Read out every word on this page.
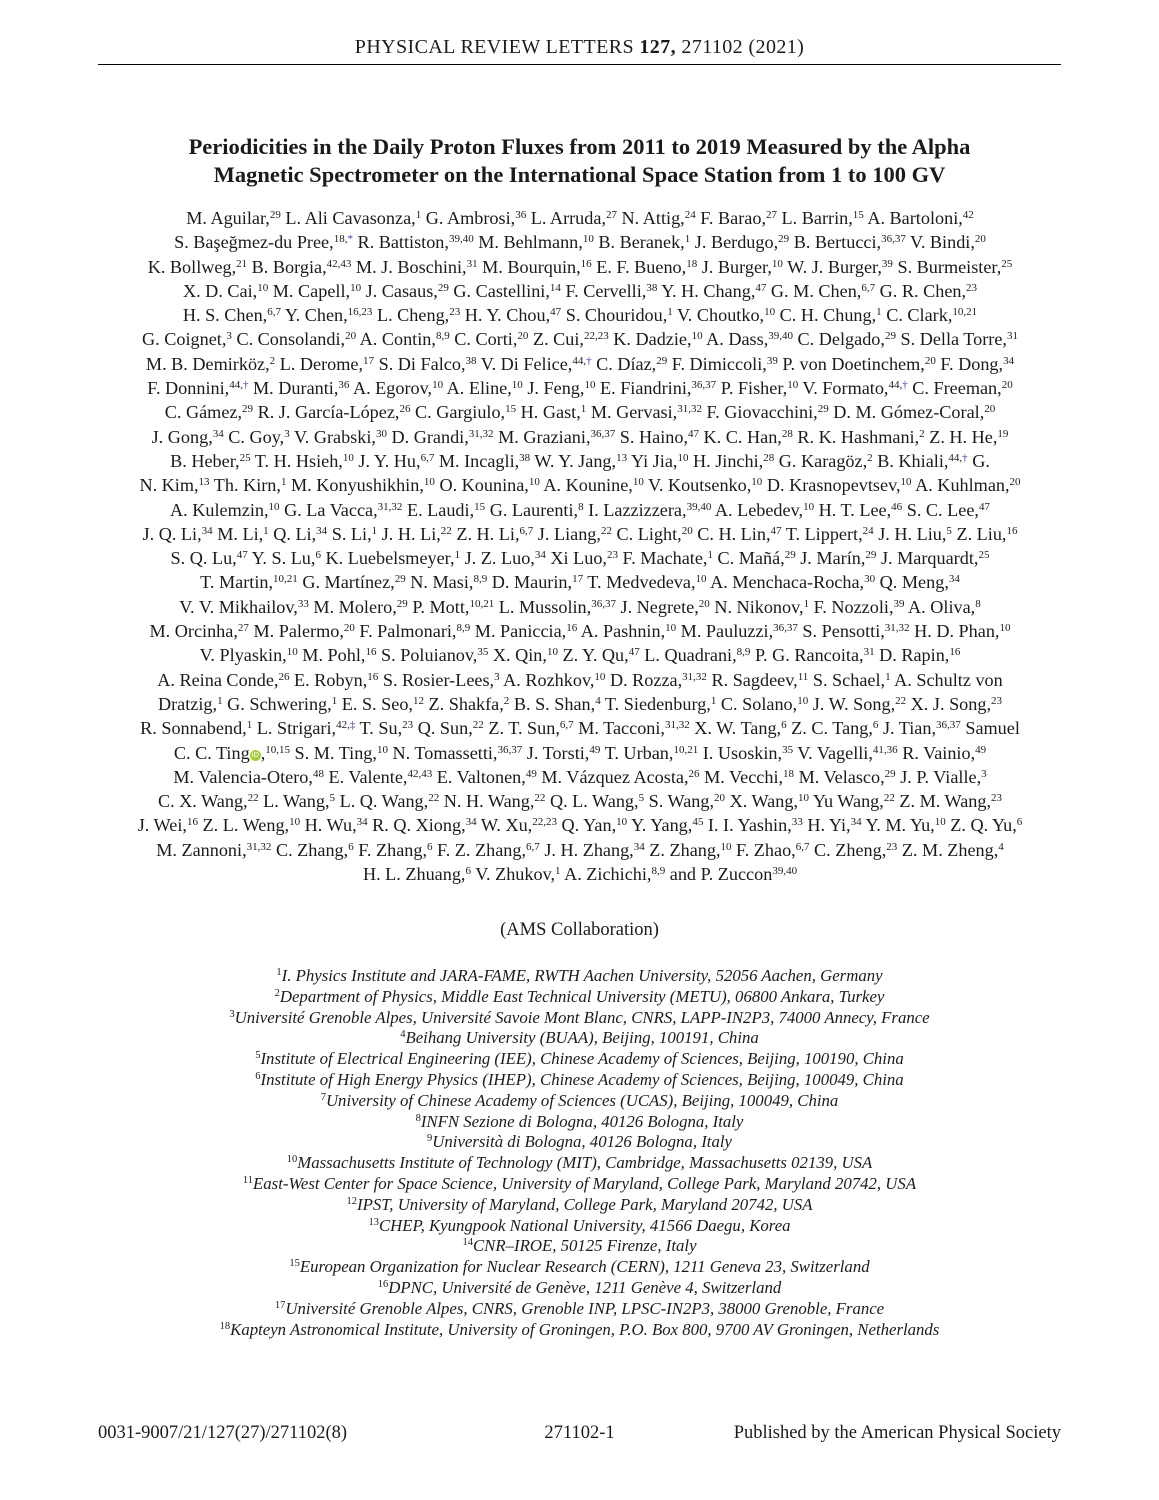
PHYSICAL REVIEW LETTERS 127, 271102 (2021)
Periodicities in the Daily Proton Fluxes from 2011 to 2019 Measured by the Alpha
Magnetic Spectrometer on the International Space Station from 1 to 100 GV
M. Aguilar,$^{29}$ L. Ali Cavasonza,$^1$ G. Ambrosi,$^{36}$ L. Arruda,$^{27}$ N. Attig,$^{24}$ F. Barao,$^{27}$ L. Barrin,$^{15}$ A. Bartoloni,$^{42}$
S. Başeğmez-du Pree,$^{18,*}$ R. Battiston,$^{39,40}$ M. Behlmann,$^{10}$ B. Beranek,$^1$ J. Berdugo,$^{29}$ B. Bertucci,$^{36,37}$ V. Bindi,$^{20}$
K. Bollweg,$^{21}$ B. Borgia,$^{42,43}$ M. J. Boschini,$^{31}$ M. Bourquin,$^{16}$ E. F. Bueno,$^{18}$ J. Burger,$^{10}$ W. J. Burger,$^{39}$ S. Burmeister,$^{25}$
X. D. Cai,$^{10}$ M. Capell,$^{10}$ J. Casaus,$^{29}$ G. Castellini,$^{14}$ F. Cervelli,$^{38}$ Y. H. Chang,$^{47}$ G. M. Chen,$^{6,7}$ G. R. Chen,$^{23}$
H. S. Chen,$^{6,7}$ Y. Chen,$^{16,23}$ L. Cheng,$^{23}$ H. Y. Chou,$^{47}$ S. Chouridou,$^1$ V. Choutko,$^{10}$ C. H. Chung,$^1$ C. Clark,$^{10,21}$
G. Coignet,$^3$ C. Consolandi,$^{20}$ A. Contin,$^{8,9}$ C. Corti,$^{20}$ Z. Cui,$^{22,23}$ K. Dadzie,$^{10}$ A. Dass,$^{39,40}$ C. Delgado,$^{29}$ S. Della Torre,$^{31}$
M. B. Demirköz,$^2$ L. Derome,$^{17}$ S. Di Falco,$^{38}$ V. Di Felice,$^{44,\dagger}$ C. Díaz,$^{29}$ F. Dimiccoli,$^{39}$ P. von Doetinchem,$^{20}$ F. Dong,$^{34}$
F. Donnini,$^{44,\dagger}$ M. Duranti,$^{36}$ A. Egorov,$^{10}$ A. Eline,$^{10}$ J. Feng,$^{10}$ E. Fiandrini,$^{36,37}$ P. Fisher,$^{10}$ V. Formato,$^{44,\dagger}$ C. Freeman,$^{20}$
C. Gámez,$^{29}$ R. J. García-López,$^{26}$ C. Gargiulo,$^{15}$ H. Gast,$^1$ M. Gervasi,$^{31,32}$ F. Giovacchini,$^{29}$ D. M. Gómez-Coral,$^{20}$
J. Gong,$^{34}$ C. Goy,$^3$ V. Grabski,$^{30}$ D. Grandi,$^{31,32}$ M. Graziani,$^{36,37}$ S. Haino,$^{47}$ K. C. Han,$^{28}$ R. K. Hashmani,$^2$ Z. H. He,$^{19}$
B. Heber,$^{25}$ T. H. Hsieh,$^{10}$ J. Y. Hu,$^{6,7}$ M. Incagli,$^{38}$ W. Y. Jang,$^{13}$ Yi Jia,$^{10}$ H. Jinchi,$^{28}$ G. Karagöz,$^2$ B. Khiali,$^{44,\dagger}$ G.
N. Kim,$^{13}$ Th. Kirn,$^1$ M. Konyushikhin,$^{10}$ O. Kounina,$^{10}$ A. Kounine,$^{10}$ V. Koutsenko,$^{10}$ D. Krasnopevtsev,$^{10}$ A. Kuhlman,$^{20}$
A. Kulemzin,$^{10}$ G. La Vacca,$^{31,32}$ E. Laudi,$^{15}$ G. Laurenti,$^8$ I. Lazzizzera,$^{39,40}$ A. Lebedev,$^{10}$ H. T. Lee,$^{46}$ S. C. Lee,$^{47}$
J. Q. Li,$^{34}$ M. Li,$^1$ Q. Li,$^{34}$ S. Li,$^1$ J. H. Li,$^{22}$ Z. H. Li,$^{6,7}$ J. Liang,$^{22}$ C. Light,$^{20}$ C. H. Lin,$^{47}$ T. Lippert,$^{24}$ J. H. Liu,$^5$ Z. Liu,$^{16}$
S. Q. Lu,$^{47}$ Y. S. Lu,$^6$ K. Luebelsmeyer,$^1$ J. Z. Luo,$^{34}$ Xi Luo,$^{23}$ F. Machate,$^1$ C. Mañá,$^{29}$ J. Marín,$^{29}$ J. Marquardt,$^{25}$
T. Martin,$^{10,21}$ G. Martínez,$^{29}$ N. Masi,$^{8,9}$ D. Maurin,$^{17}$ T. Medvedeva,$^{10}$ A. Menchaca-Rocha,$^{30}$ Q. Meng,$^{34}$
V. V. Mikhailov,$^{33}$ M. Molero,$^{29}$ P. Mott,$^{10,21}$ L. Mussolin,$^{36,37}$ J. Negrete,$^{20}$ N. Nikonov,$^1$ F. Nozzoli,$^{39}$ A. Oliva,$^8$
M. Orcinha,$^{27}$ M. Palermo,$^{20}$ F. Palmonari,$^{8,9}$ M. Paniccia,$^{16}$ A. Pashnin,$^{10}$ M. Pauluzzi,$^{36,37}$ S. Pensotti,$^{31,32}$ H. D. Phan,$^{10}$
V. Plyaskin,$^{10}$ M. Pohl,$^{16}$ S. Poluianov,$^{35}$ X. Qin,$^{10}$ Z. Y. Qu,$^{47}$ L. Quadrani,$^{8,9}$ P. G. Rancoita,$^{31}$ D. Rapin,$^{16}$
A. Reina Conde,$^{26}$ E. Robyn,$^{16}$ S. Rosier-Lees,$^3$ A. Rozhkov,$^{10}$ D. Rozza,$^{31,32}$ R. Sagdeev,$^{11}$ S. Schael,$^1$ A. Schultz von
Dratzig,$^1$ G. Schwering,$^1$ E. S. Seo,$^{12}$ Z. Shakfa,$^2$ B. S. Shan,$^4$ T. Siedenburg,$^1$ C. Solano,$^{10}$ J. W. Song,$^{22}$ X. J. Song,$^{23}$
R. Sonnabend,$^1$ L. Strigari,$^{42,\ddagger}$ T. Su,$^{23}$ Q. Sun,$^{22}$ Z. T. Sun,$^{6,7}$ M. Tacconi,$^{31,32}$ X. W. Tang,$^6$ Z. C. Tang,$^6$ J. Tian,$^{36,37}$ Samuel
C. C. Ting iD ,$^{10,15}$ S. M. Ting,$^{10}$ N. Tomassetti,$^{36,37}$ J. Torsti,$^{49}$ T. Urban,$^{10,21}$ I. Usoskin,$^{35}$ V. Vagelli,$^{41,36}$ R. Vainio,$^{49}$
M. Valencia-Otero,$^{48}$ E. Valente,$^{42,43}$ E. Valtonen,$^{49}$ M. Vázquez Acosta,$^{26}$ M. Vecchi,$^{18}$ M. Velasco,$^{29}$ J. P. Vialle,$^3$
C. X. Wang,$^{22}$ L. Wang,$^5$ L. Q. Wang,$^{22}$ N. H. Wang,$^{22}$ Q. L. Wang,$^5$ S. Wang,$^{20}$ X. Wang,$^{10}$ Yu Wang,$^{22}$ Z. M. Wang,$^{23}$
J. Wei,$^{16}$ Z. L. Weng,$^{10}$ H. Wu,$^{34}$ R. Q. Xiong,$^{34}$ W. Xu,$^{22,23}$ Q. Yan,$^{10}$ Y. Yang,$^{45}$ I. I. Yashin,$^{33}$ H. Yi,$^{34}$ Y. M. Yu,$^{10}$ Z. Q. Yu,$^6$
M. Zannoni,$^{31,32}$ C. Zhang,$^6$ F. Zhang,$^6$ F. Z. Zhang,$^{6,7}$ J. H. Zhang,$^{34}$ Z. Zhang,$^{10}$ F. Zhao,$^{6,7}$ C. Zheng,$^{23}$ Z. M. Zheng,$^4$
H. L. Zhuang,$^6$ V. Zhukov,$^1$ A. Zichichi,$^{8,9}$ and P. Zuccon$^{39,40}$
(AMS Collaboration)
$^1$I. Physics Institute and JARA-FAME, RWTH Aachen University, 52056 Aachen, Germany
$^2$Department of Physics, Middle East Technical University (METU), 06800 Ankara, Turkey
$^3$Université Grenoble Alpes, Université Savoie Mont Blanc, CNRS, LAPP-IN2P3, 74000 Annecy, France
$^4$Beihang University (BUAA), Beijing, 100191, China
$^5$Institute of Electrical Engineering (IEE), Chinese Academy of Sciences, Beijing, 100190, China
$^6$Institute of High Energy Physics (IHEP), Chinese Academy of Sciences, Beijing, 100049, China
$^7$University of Chinese Academy of Sciences (UCAS), Beijing, 100049, China
$^8$INFN Sezione di Bologna, 40126 Bologna, Italy
$^9$Università di Bologna, 40126 Bologna, Italy
$^{10}$Massachusetts Institute of Technology (MIT), Cambridge, Massachusetts 02139, USA
$^{11}$East-West Center for Space Science, University of Maryland, College Park, Maryland 20742, USA
$^{12}$IPST, University of Maryland, College Park, Maryland 20742, USA
$^{13}$CHEP, Kyungpook National University, 41566 Daegu, Korea
$^{14}$CNR–IROE, 50125 Firenze, Italy
$^{15}$European Organization for Nuclear Research (CERN), 1211 Geneva 23, Switzerland
$^{16}$DPNC, Université de Genève, 1211 Genève 4, Switzerland
$^{17}$Université Grenoble Alpes, CNRS, Grenoble INP, LPSC-IN2P3, 38000 Grenoble, France
$^{18}$Kapteyn Astronomical Institute, University of Groningen, P.O. Box 800, 9700 AV Groningen, Netherlands
0031-9007/21/127(27)/271102(8)	271102-1	Published by the American Physical Society
